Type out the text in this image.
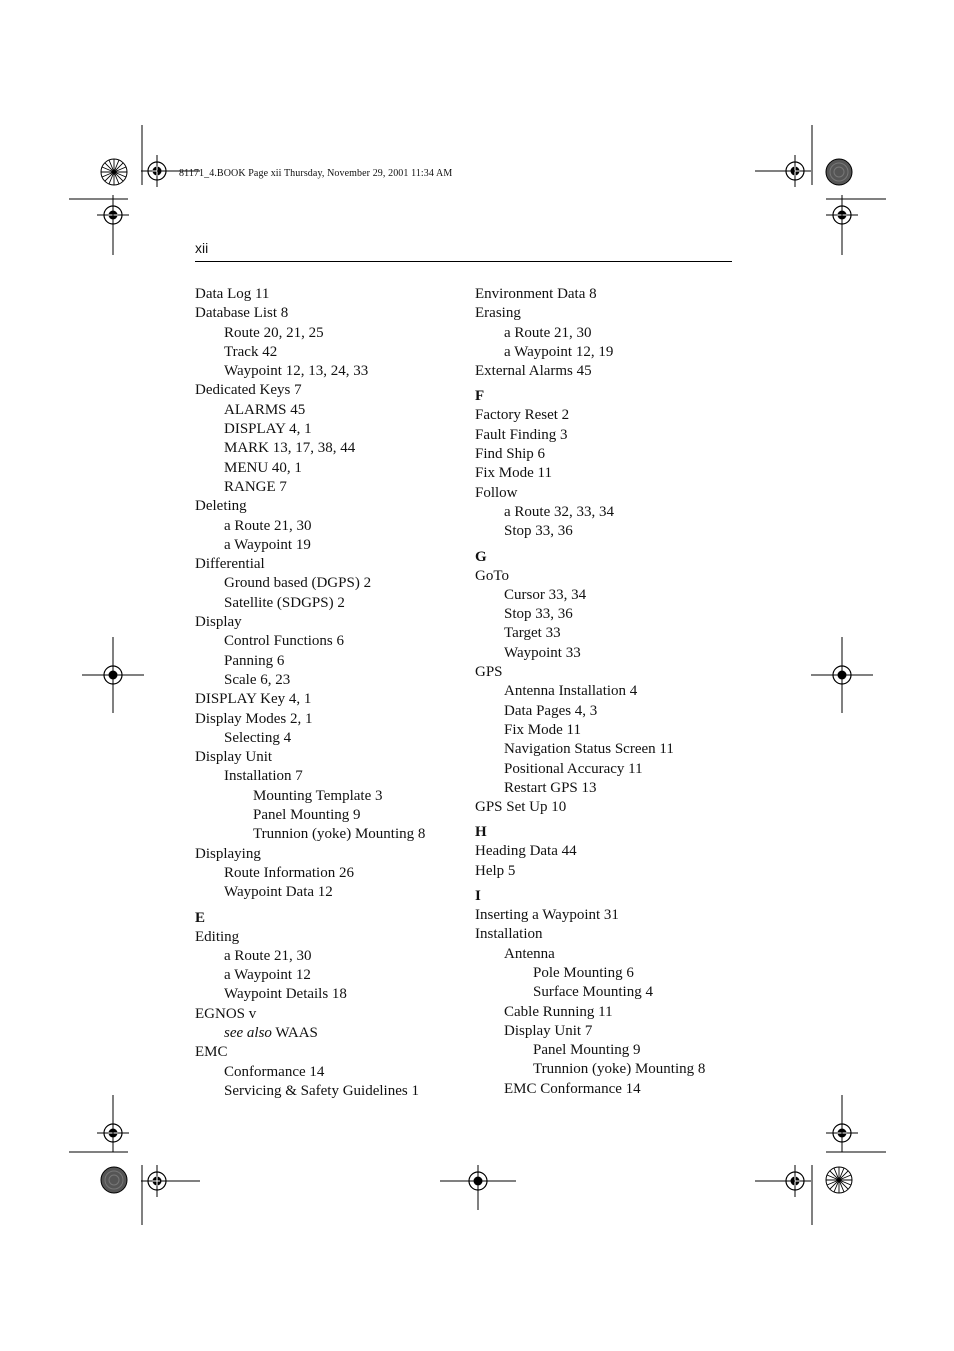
81171_4.BOOK Page xii Thursday, November 29, 2001 11:34 AM
xii
Data Log 11
Database List 8
Route 20, 21, 25
Track 42
Waypoint 12, 13, 24, 33
Dedicated Keys 7
ALARMS 45
DISPLAY 4, 1
MARK 13, 17, 38, 44
MENU 40, 1
RANGE 7
Deleting
a Route 21, 30
a Waypoint 19
Differential
Ground based (DGPS) 2
Satellite (SDGPS) 2
Display
Control Functions 6
Panning 6
Scale 6, 23
DISPLAY Key 4, 1
Display Modes 2, 1
Selecting 4
Display Unit
Installation 7
Mounting Template 3
Panel Mounting 9
Trunnion (yoke) Mounting 8
Displaying
Route Information 26
Waypoint Data 12
E
Editing
a Route 21, 30
a Waypoint 12
Waypoint Details 18
EGNOS v
see also WAAS
EMC
Conformance 14
Servicing & Safety Guidelines 1
Environment Data 8
Erasing
a Route 21, 30
a Waypoint 12, 19
External Alarms 45
F
Factory Reset 2
Fault Finding 3
Find Ship 6
Fix Mode 11
Follow
a Route 32, 33, 34
Stop 33, 36
G
GoTo
Cursor 33, 34
Stop 33, 36
Target 33
Waypoint 33
GPS
Antenna Installation 4
Data Pages 4, 3
Fix Mode 11
Navigation Status Screen 11
Positional Accuracy 11
Restart GPS 13
GPS Set Up 10
H
Heading Data 44
Help 5
I
Inserting a Waypoint 31
Installation
Antenna
Pole Mounting 6
Surface Mounting 4
Cable Running 11
Display Unit 7
Panel Mounting 9
Trunnion (yoke) Mounting 8
EMC Conformance 14
